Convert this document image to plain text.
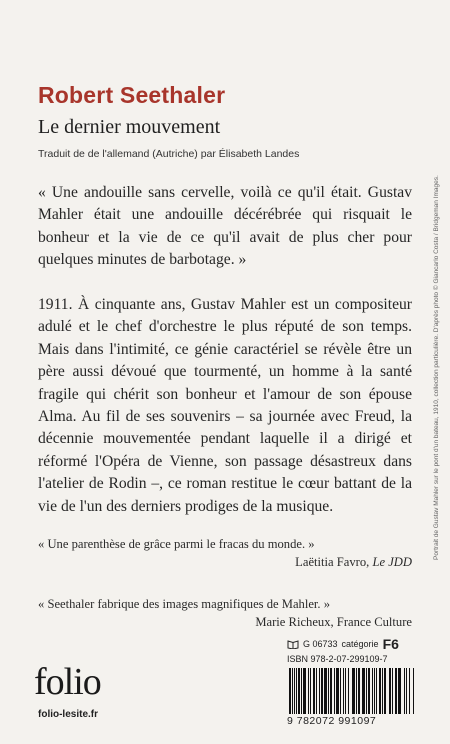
Robert Seethaler
Le dernier mouvement
Traduit de de l'allemand (Autriche) par Élisabeth Landes
« Une andouille sans cervelle, voilà ce qu'il était. Gustav Mahler était une andouille décérébrée qui risquait le bonheur et la vie de ce qu'il avait de plus cher pour quelques minutes de barbotage. »
1911. À cinquante ans, Gustav Mahler est un compositeur adulé et le chef d'orchestre le plus réputé de son temps. Mais dans l'intimité, ce génie caractériel se révèle être un père aussi dévoué que tourmenté, un homme à la santé fragile qui chérit son bonheur et l'amour de son épouse Alma. Au fil de ses souvenirs – sa journée avec Freud, la décennie mouvementée pendant laquelle il a dirigé et réformé l'Opéra de Vienne, son passage désastreux dans l'atelier de Rodin –, ce roman restitue le cœur battant de la vie de l'un des derniers prodiges de la musique.
« Une parenthèse de grâce parmi le fracas du monde. »
Laëtitia Favro, Le JDD
« Seethaler fabrique des images magnifiques de Mahler. »
Marie Richeux, France Culture
Portrait de Gustav Mahler sur le pont d'un bateau, 1910, collection particulière. D'après photo © Giancarlo Costa / Bridgeman Images.
folio
folio-lesite.fr
G 06733 catégorie F6
ISBN 978-2-07-299109-7
9 782072 991097
